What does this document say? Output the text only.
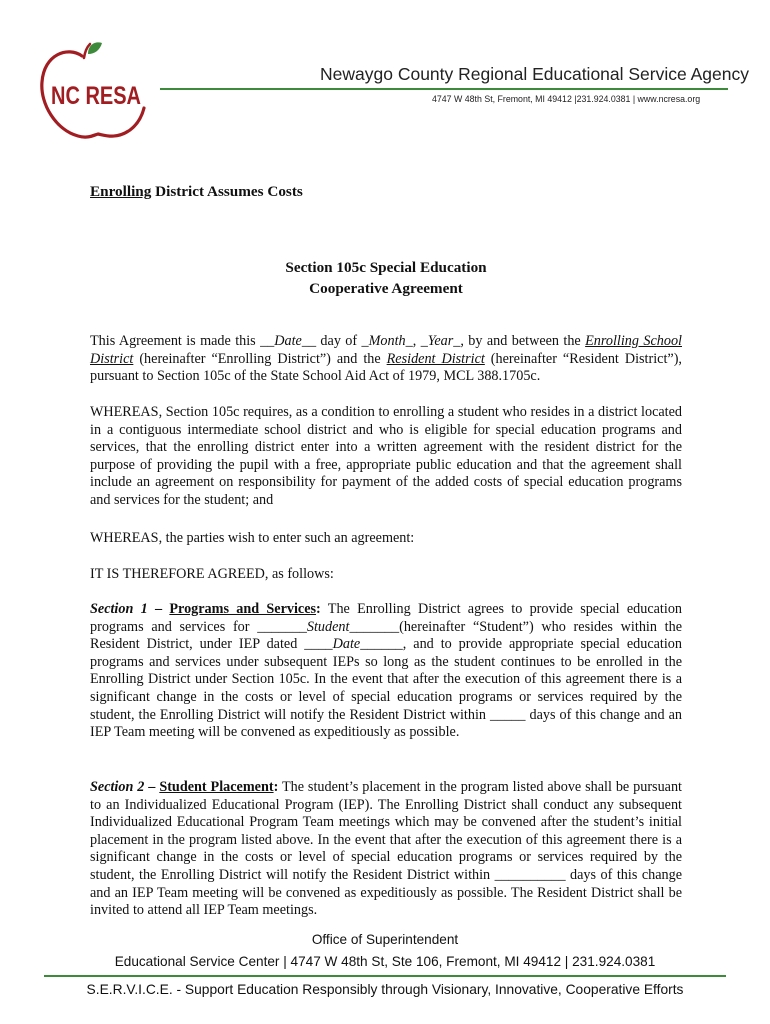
NC RESA
Newaygo County Regional Educational Service Agency
4747 W 48th St, Fremont, MI 49412 |231.924.0381 | www.ncresa.org
Enrolling District Assumes Costs
Section 105c Special Education
Cooperative Agreement
This Agreement is made this __Date__ day of _Month_, _Year_, by and between the Enrolling School District (hereinafter “Enrolling District”) and the Resident District (hereinafter “Resident District”), pursuant to Section 105c of the State School Aid Act of 1979, MCL 388.1705c.
WHEREAS, Section 105c requires, as a condition to enrolling a student who resides in a district located in a contiguous intermediate school district and who is eligible for special education programs and services, that the enrolling district enter into a written agreement with the resident district for the purpose of providing the pupil with a free, appropriate public education and that the agreement shall include an agreement on responsibility for payment of the added costs of special education programs and services for the student; and
WHEREAS, the parties wish to enter such an agreement:
IT IS THEREFORE AGREED, as follows:
Section 1 – Programs and Services: The Enrolling District agrees to provide special education programs and services for _______Student_______(hereinafter “Student”) who resides within the Resident District, under IEP dated ____Date______, and to provide appropriate special education programs and services under subsequent IEPs so long as the student continues to be enrolled in the Enrolling District under Section 105c. In the event that after the execution of this agreement there is a significant change in the costs or level of special education programs or services required by the student, the Enrolling District will notify the Resident District within _____ days of this change and an IEP Team meeting will be convened as expeditiously as possible.
Section 2 – Student Placement: The student’s placement in the program listed above shall be pursuant to an Individualized Educational Program (IEP). The Enrolling District shall conduct any subsequent Individualized Educational Program Team meetings which may be convened after the student’s initial placement in the program listed above. In the event that after the execution of this agreement there is a significant change in the costs or level of special education programs or services required by the student, the Enrolling District will notify the Resident District within __________ days of this change and an IEP Team meeting will be convened as expeditiously as possible. The Resident District shall be invited to attend all IEP Team meetings.
Office of Superintendent
Educational Service Center | 4747 W 48th St, Ste 106, Fremont, MI 49412 | 231.924.0381
S.E.R.V.I.C.E. - Support Education Responsibly through Visionary, Innovative, Cooperative Efforts
